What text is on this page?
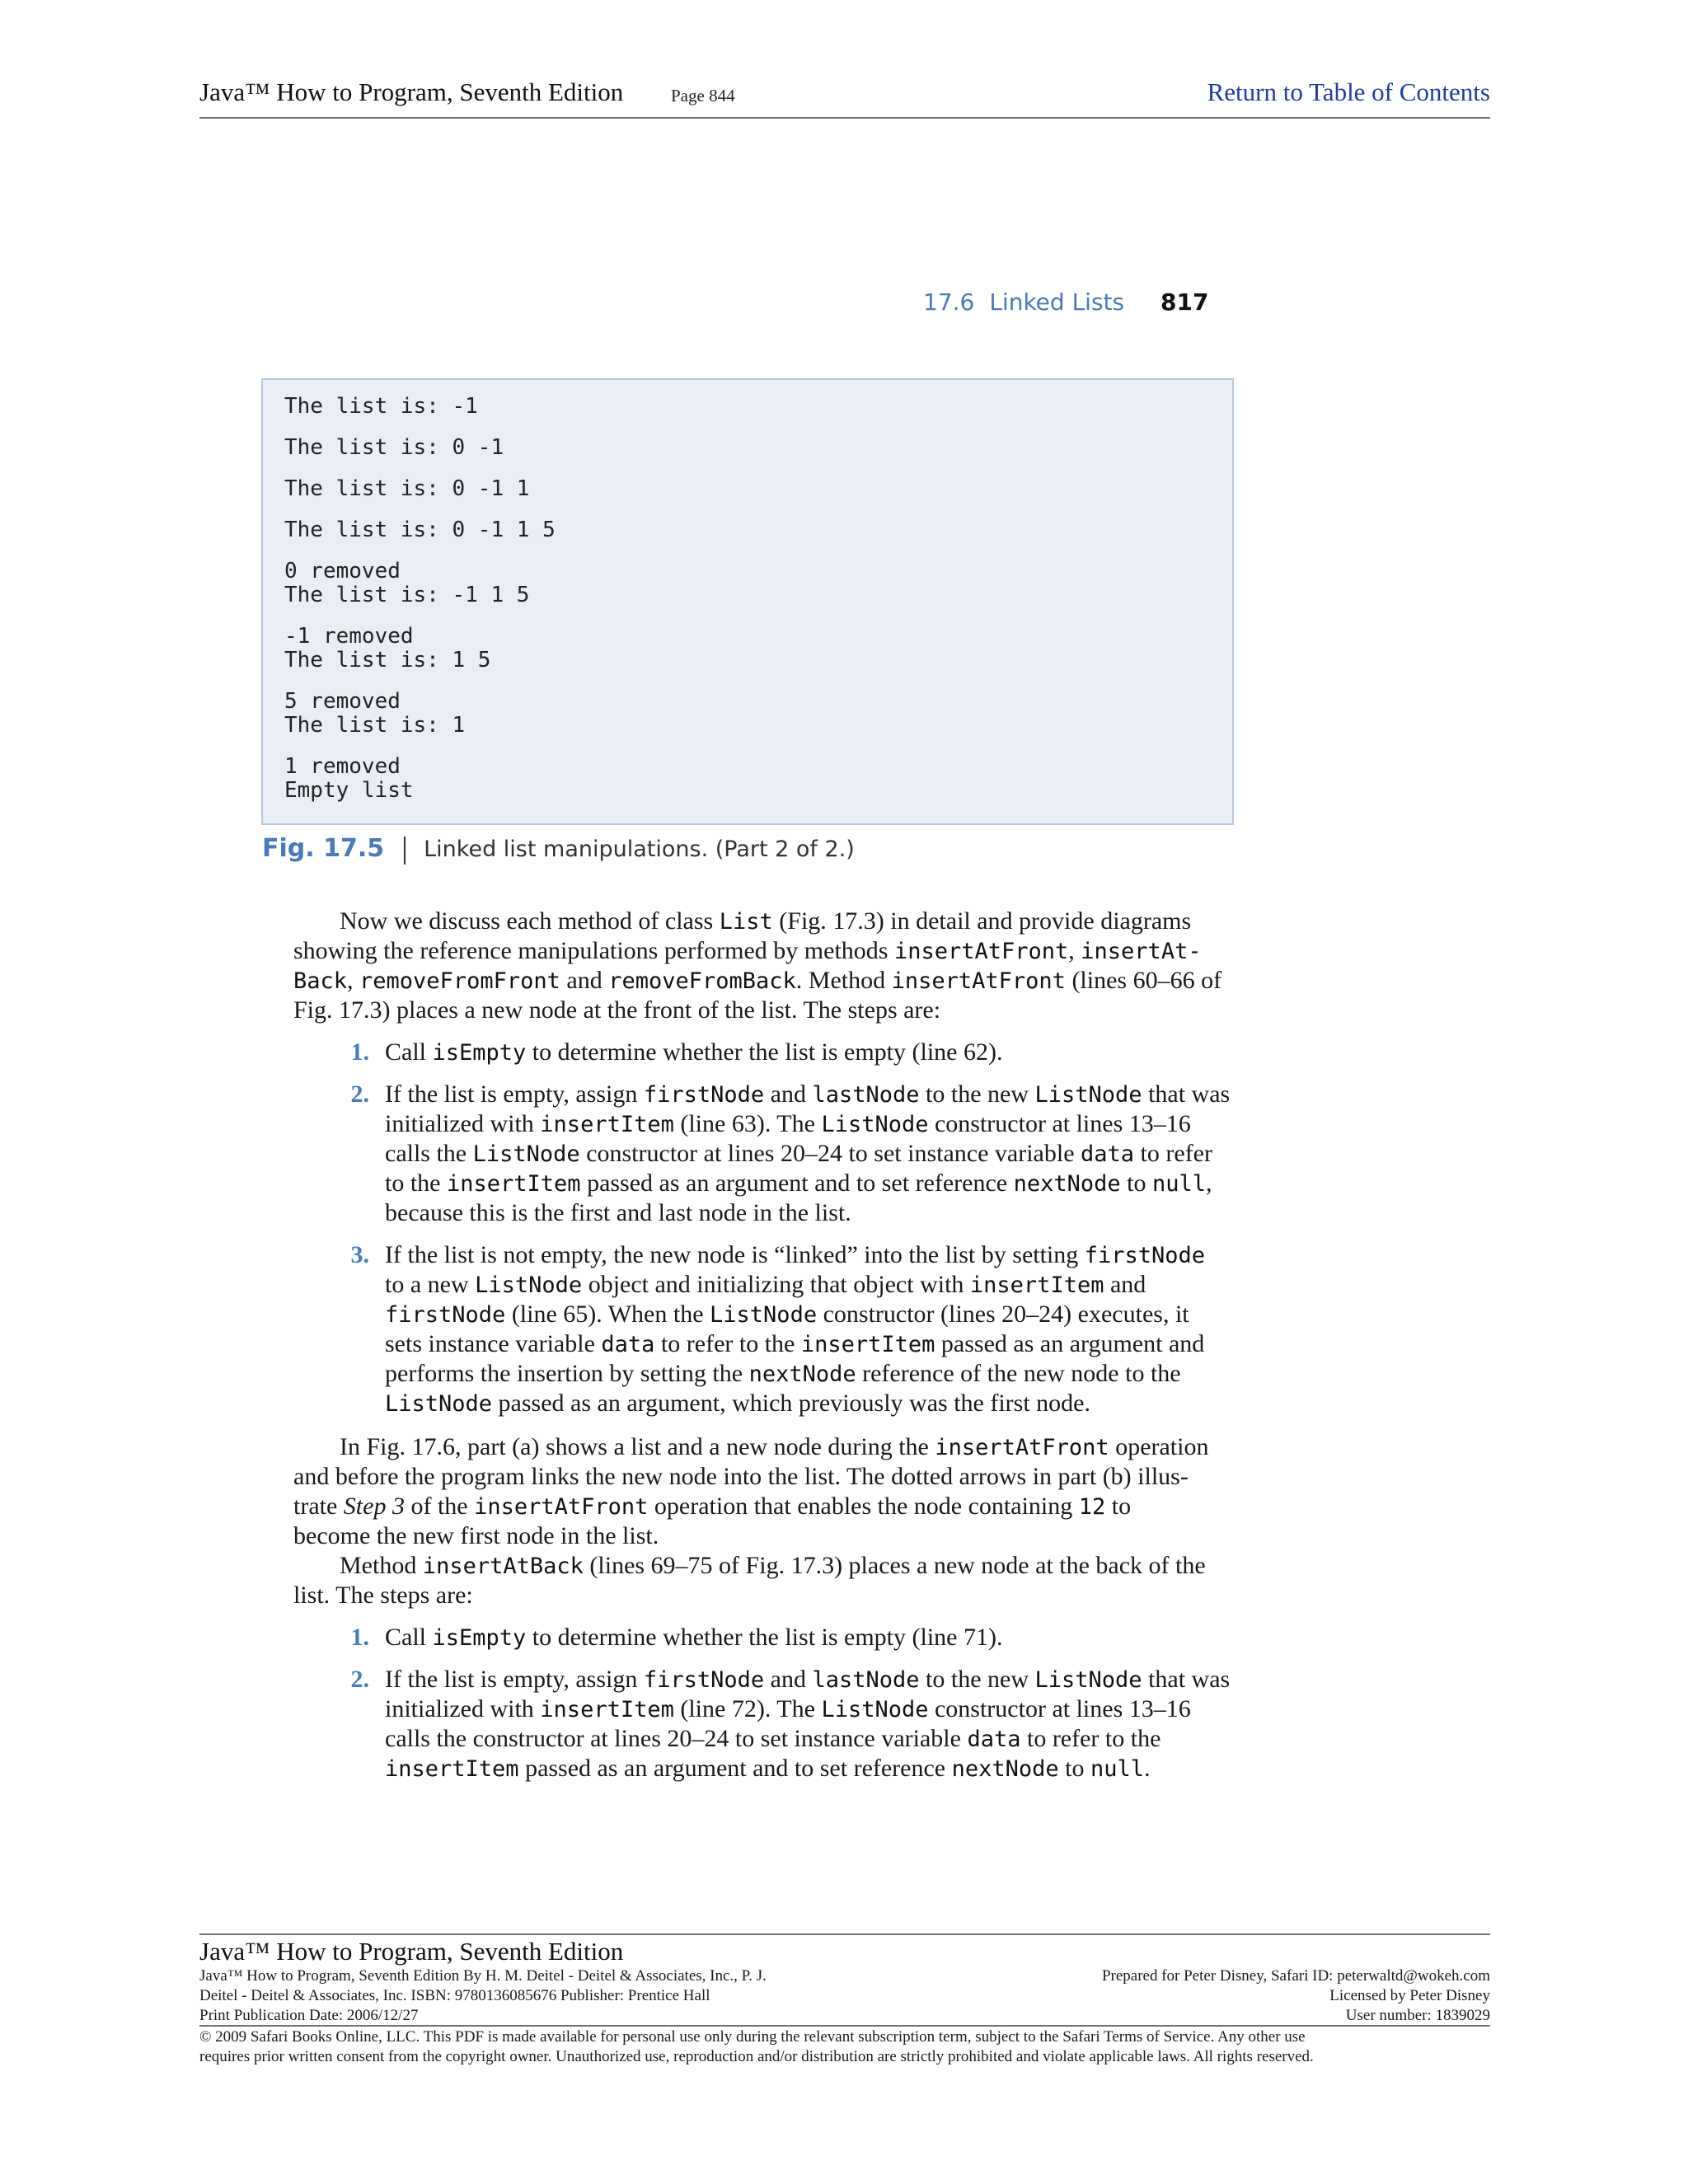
Java™ How to Program, Seventh Edition	Page 844	Return to Table of Contents
17.6 Linked Lists 817
The list is: -1
The list is: 0 -1
The list is: 0 -1 1
The list is: 0 -1 1 5
0 removed
The list is: -1 1 5
-1 removed
The list is: 1 5
5 removed
The list is: 1
1 removed
Empty list
Fig. 17.5 Linked list manipulations. (Part 2 of 2.)
Now we discuss each method of class List (Fig. 17.3) in detail and provide diagrams
showing the reference manipulations performed by methods insertAtFront, insertAt-
Back, removeFromFront and removeFromBack. Method insertAtFront (lines 60–66 of
Fig. 17.3) places a new node at the front of the list. The steps are:
1. Call isEmpty to determine whether the list is empty (line 62).
2. If the list is empty, assign firstNode and lastNode to the new ListNode that was
initialized with insertItem (line 63). The ListNode constructor at lines 13–16
calls the ListNode constructor at lines 20–24 to set instance variable data to refer
to the insertItem passed as an argument and to set reference nextNode to null,
because this is the first and last node in the list.
3. If the list is not empty, the new node is “linked” into the list by setting firstNode
to a new ListNode object and initializing that object with insertItem and
firstNode (line 65). When the ListNode constructor (lines 20–24) executes, it
sets instance variable data to refer to the insertItem passed as an argument and
performs the insertion by setting the nextNode reference of the new node to the
ListNode passed as an argument, which previously was the first node.
In Fig. 17.6, part (a) shows a list and a new node during the insertAtFront operation
and before the program links the new node into the list. The dotted arrows in part (b) illus-
trate Step 3 of the insertAtFront operation that enables the node containing 12 to
become the new first node in the list.
Method insertAtBack (lines 69–75 of Fig. 17.3) places a new node at the back of the
list. The steps are:
1. Call isEmpty to determine whether the list is empty (line 71).
2. If the list is empty, assign firstNode and lastNode to the new ListNode that was
initialized with insertItem (line 72). The ListNode constructor at lines 13–16
calls the constructor at lines 20–24 to set instance variable data to refer to the
insertItem passed as an argument and to set reference nextNode to null.
Java™ How to Program, Seventh Edition
Java™ How to Program, Seventh Edition By H. M. Deitel - Deitel & Associates, Inc., P. J.
Deitel - Deitel & Associates, Inc. ISBN: 9780136085676 Publisher: Prentice Hall
Print Publication Date: 2006/12/27
Prepared for Peter Disney, Safari ID: peterwaltd@wokeh.com
Licensed by Peter Disney
User number: 1839029
© 2009 Safari Books Online, LLC. This PDF is made available for personal use only during the relevant subscription term, subject to the Safari Terms of Service. Any other use
requires prior written consent from the copyright owner. Unauthorized use, reproduction and/or distribution are strictly prohibited and violate applicable laws. All rights reserved.
